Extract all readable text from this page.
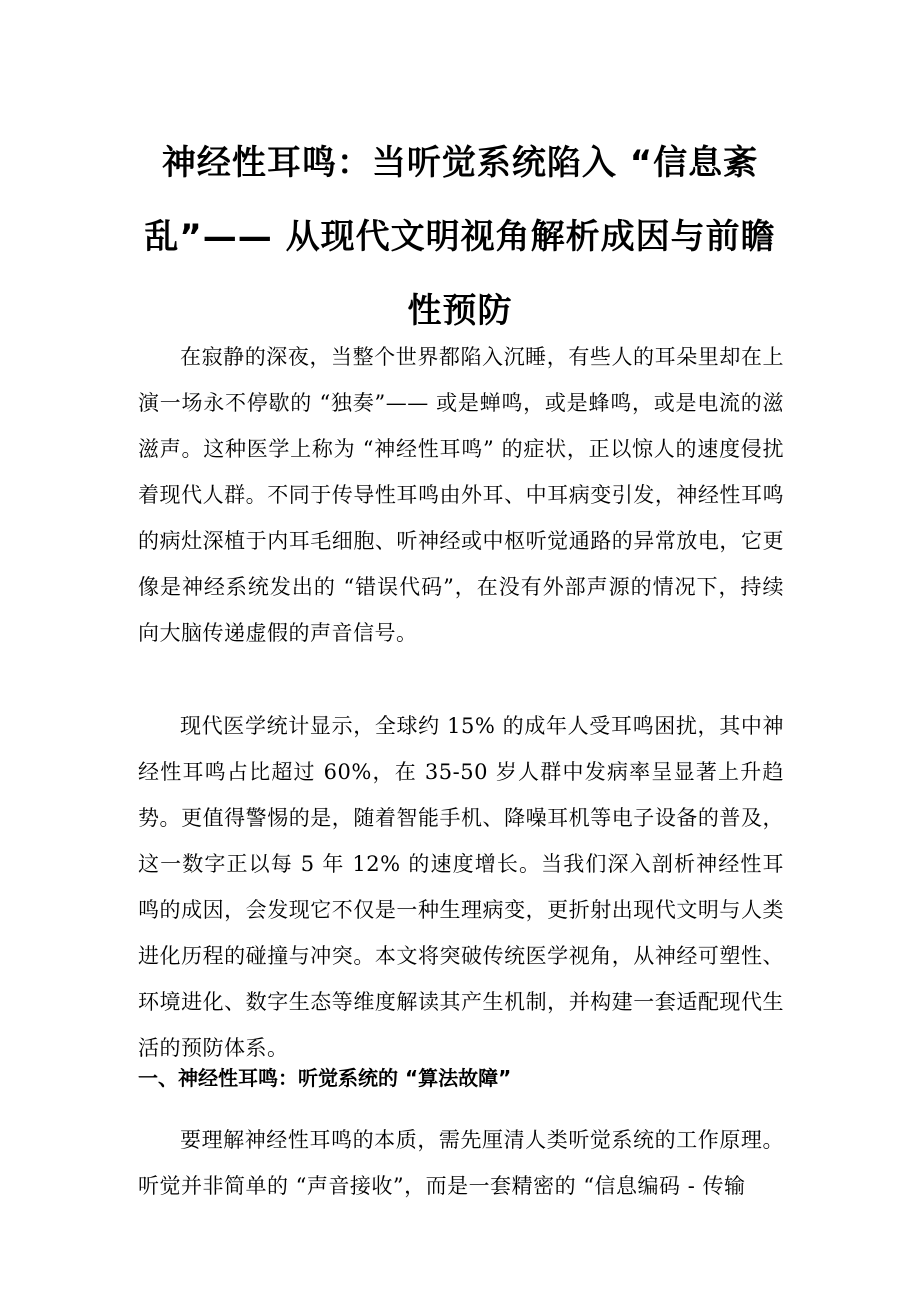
神经性耳鸣：当听觉系统陷入 “信息紊乱”—— 从现代文明视角解析成因与前瞻性预防

在寂静的深夜，当整个世界都陷入沉睡，有些人的耳朵里却在上演一场永不停歇的 “独奏”—— 或是蝉鸣，或是蜂鸣，或是电流的滋滋声。这种医学上称为 “神经性耳鸣” 的症状，正以惊人的速度侵扰着现代人群。不同于传导性耳鸣由外耳、中耳病变引发，神经性耳鸣的病灶深植于内耳毛细胞、听神经或中枢听觉通路的异常放电，它更像是神经系统发出的 “错误代码”，在没有外部声源的情况下，持续向大脑传递虚假的声音信号。

现代医学统计显示，全球约 15% 的成年人受耳鸣困扰，其中神经性耳鸣占比超过 60%，在 35-50 岁人群中发病率呈显著上升趋势。更值得警惕的是，随着智能手机、降噪耳机等电子设备的普及，这一数字正以每 5 年 12% 的速度增长。当我们深入剖析神经性耳鸣的成因，会发现它不仅是一种生理病变，更折射出现代文明与人类进化历程的碰撞与冲突。本文将突破传统医学视角，从神经可塑性、环境进化、数字生态等维度解读其产生机制，并构建一套适配现代生活的预防体系。

一、神经性耳鸣：听觉系统的 “算法故障”

要理解神经性耳鸣的本质，需先厘清人类听觉系统的工作原理。听觉并非简单的 “声音接收”，而是一套精密的 “信息编码 - 传输
